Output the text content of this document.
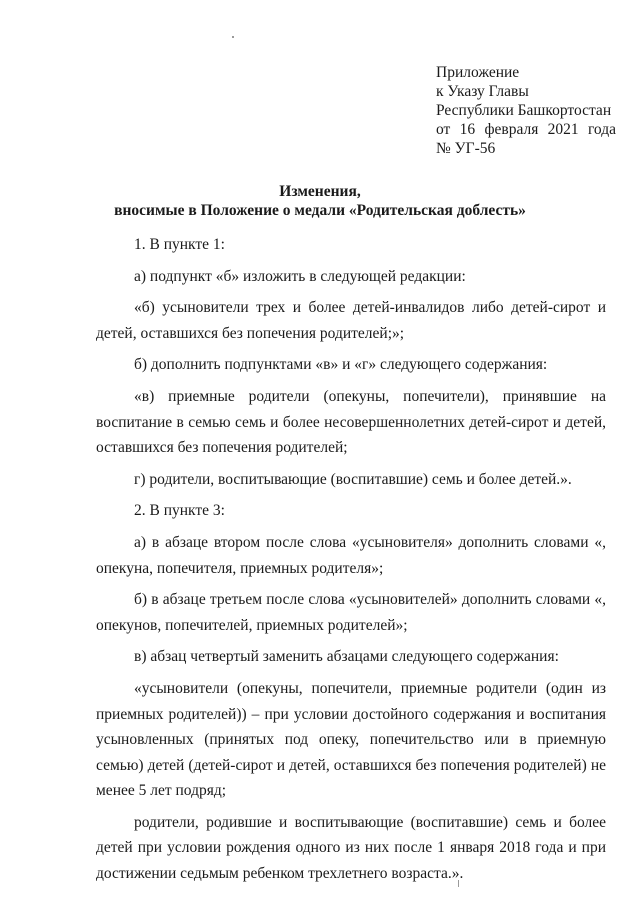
Приложение
к Указу Главы
Республики Башкортостан
от 16 февраля 2021 года
№ УГ-56
Изменения,
вносимые в Положение о медали «Родительская доблесть»

1. В пункте 1:

а) подпункт «б» изложить в следующей редакции:

«б) усыновители трех и более детей-инвалидов либо детей-сирот и детей, оставшихся без попечения родителей;»;

б) дополнить подпунктами «в» и «г» следующего содержания:

«в) приемные родители (опекуны, попечители), принявшие на воспитание в семью семь и более несовершеннолетних детей-сирот и детей, оставшихся без попечения родителей;

г) родители, воспитывающие (воспитавшие) семь и более детей.».

2. В пункте 3:

а) в абзаце втором после слова «усыновителя» дополнить словами «, опекуна, попечителя, приемных родителя»;

б) в абзаце третьем после слова «усыновителей» дополнить словами «, опекунов, попечителей, приемных родителей»;

в) абзац четвертый заменить абзацами следующего содержания:

«усыновители (опекуны, попечители, приемные родители (один из приемных родителей)) – при условии достойного содержания и воспитания усыновленных (принятых под опеку, попечительство или в приемную семью) детей (детей-сирот и детей, оставшихся без попечения родителей) не менее 5 лет подряд;

родители, родившие и воспитывающие (воспитавшие) семь и более детей при условии рождения одного из них после 1 января 2018 года и при достижении седьмым ребенком трехлетнего возраста.».
